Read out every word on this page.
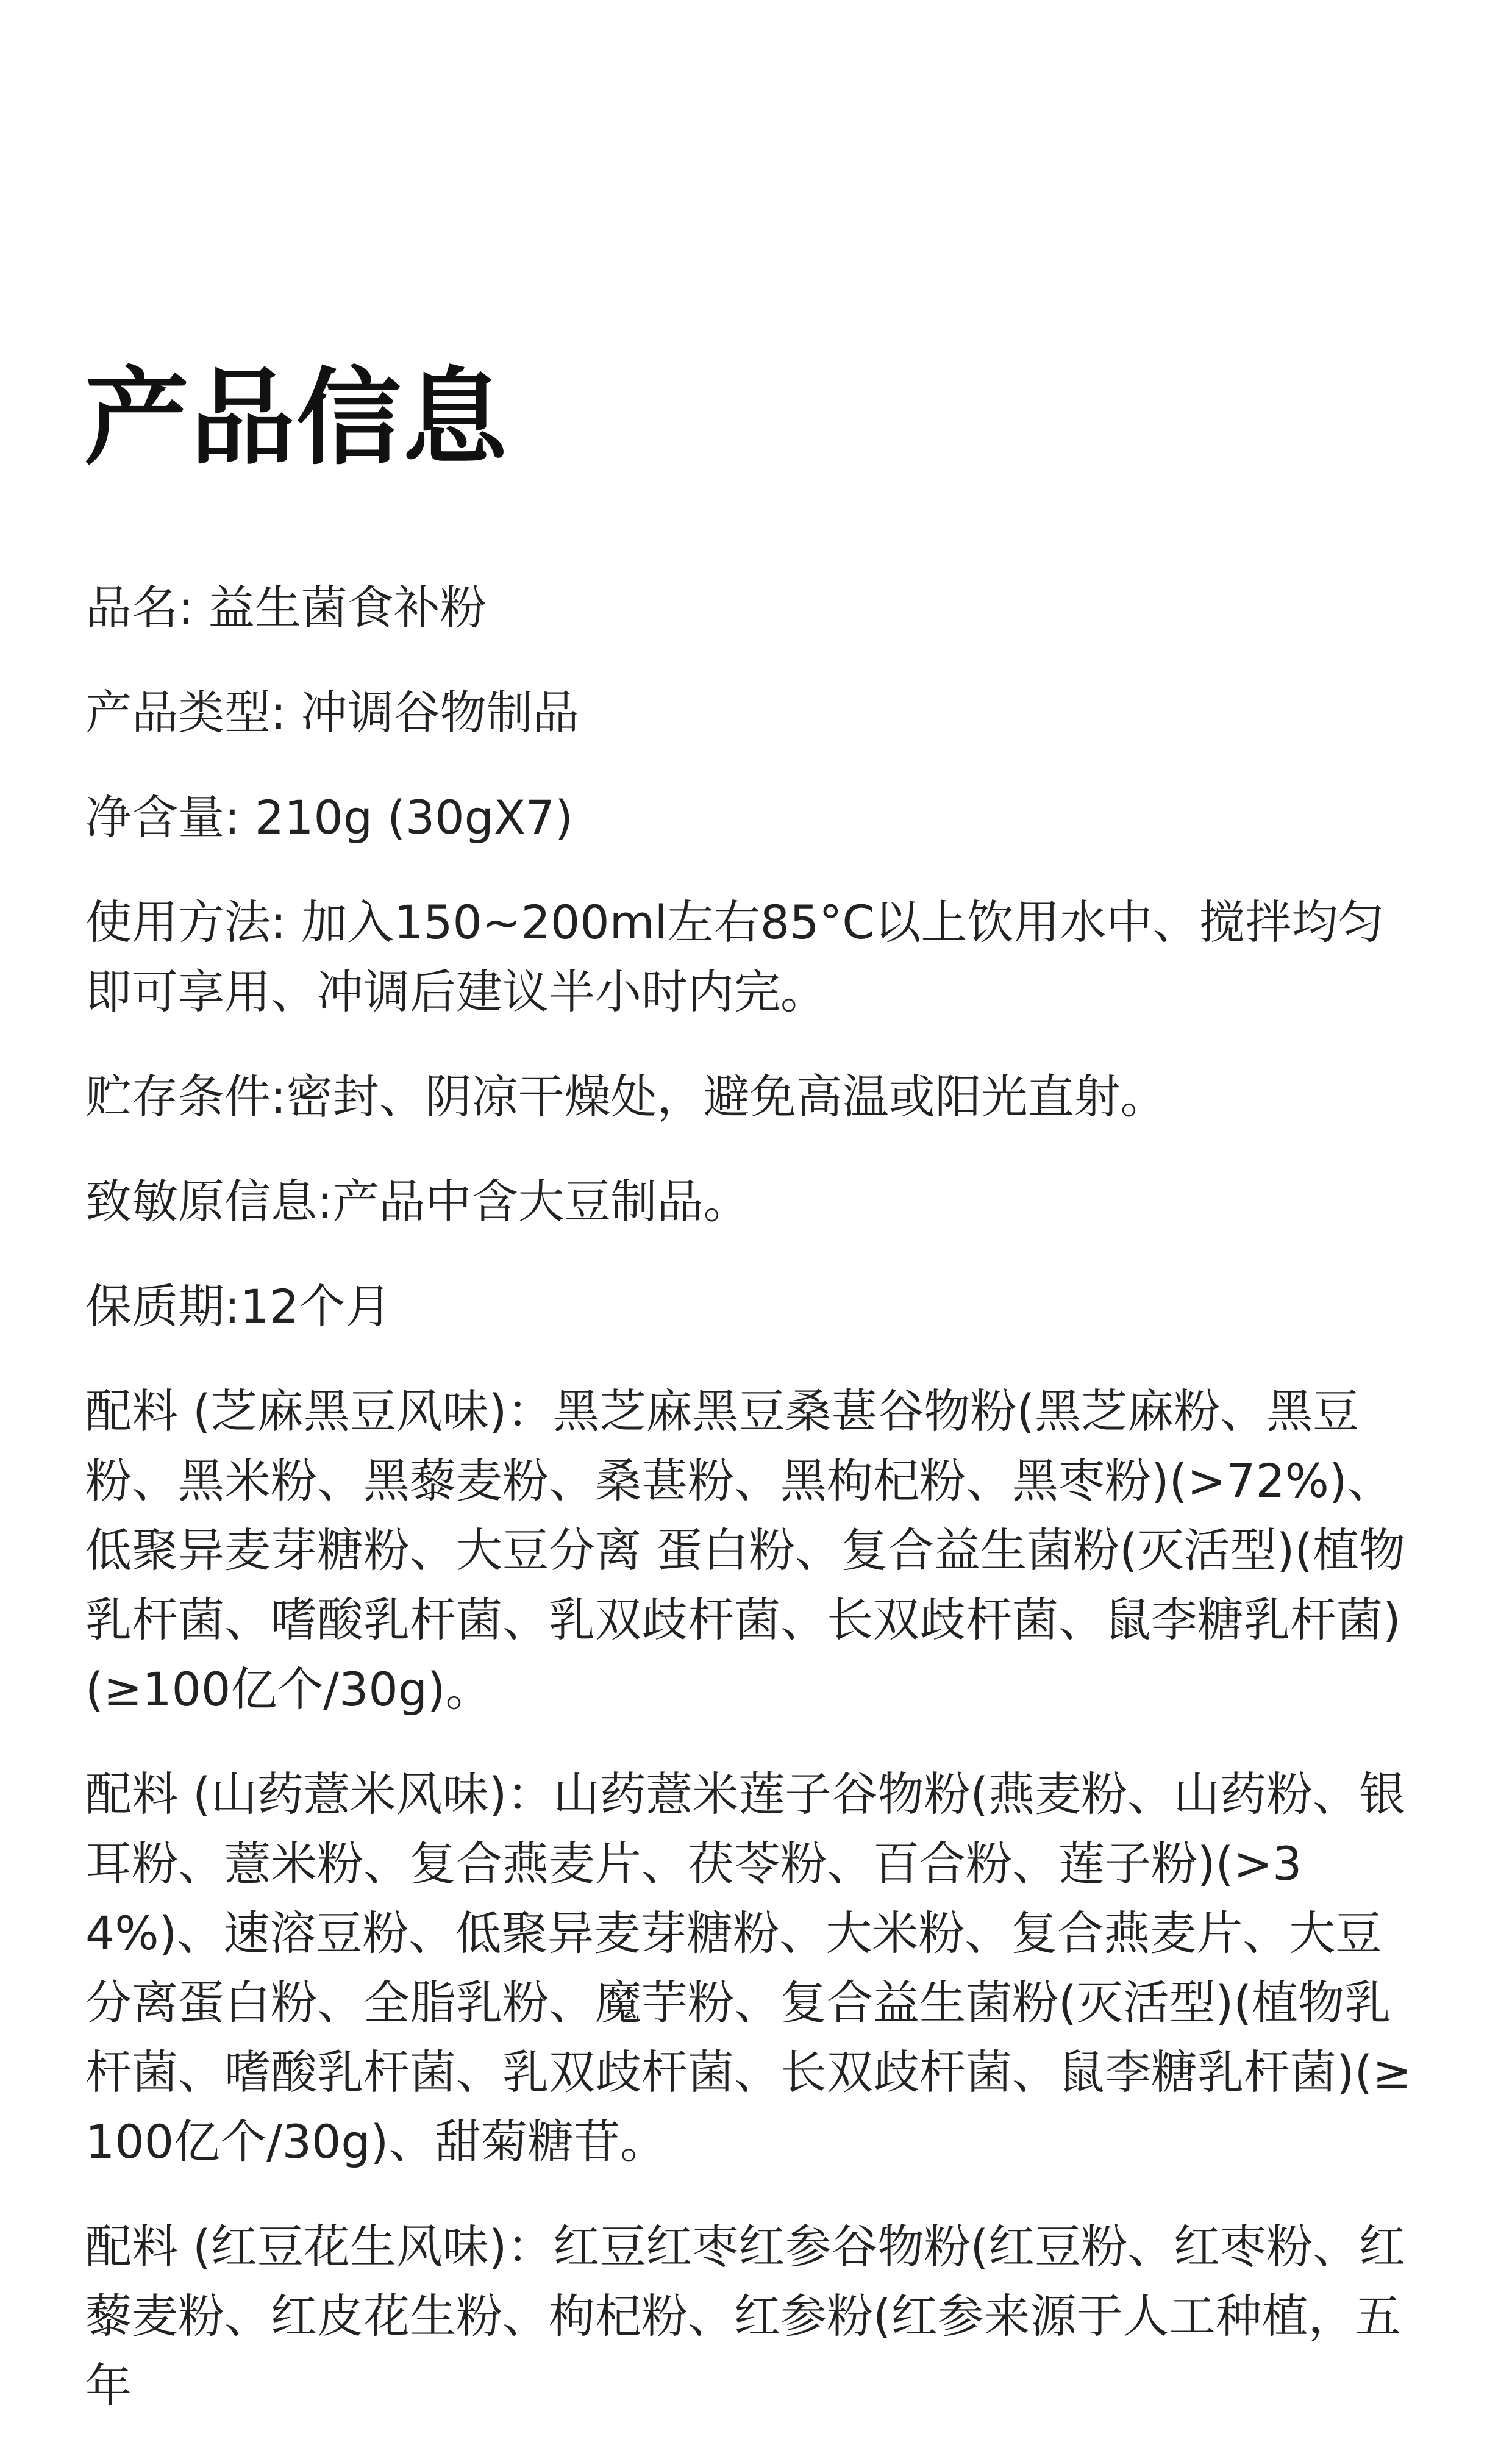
产品信息
品名: 益生菌食补粉
产品类型: 冲调谷物制品
净含量: 210g (30gX7)
使用方法: 加入150~200ml左右85°C以上饮用水中、搅拌均匀即可享用、冲调后建议半小时内完。
贮存条件:密封、阴凉干燥处，避免高温或阳光直射。
致敏原信息:产品中含大豆制品。
保质期:12个月
配料 (芝麻黑豆风味)：黑芝麻黑豆桑葚谷物粉(黑芝麻粉、黑豆粉、黑米粉、黑藜麦粉、桑葚粉、黑枸杞粉、黑枣粉)(>72%)、低聚异麦芽糖粉、大豆分离 蛋白粉、复合益生菌粉(灭活型)(植物乳杆菌、嗜酸乳杆菌、乳双歧杆菌、长双歧杆菌、鼠李糖乳杆菌)(≥100亿个/30g)。
配料 (山药薏米风味)：山药薏米莲子谷物粉(燕麦粉、山药粉、银耳粉、薏米粉、复合燕麦片、茯苓粉、百合粉、莲子粉)(>34%)、速溶豆粉、低聚异麦芽糖粉、大米粉、复合燕麦片、大豆分离蛋白粉、全脂乳粉、魔芋粉、复合益生菌粉(灭活型)(植物乳杆菌、嗜酸乳杆菌、乳双歧杆菌、长双歧杆菌、鼠李糖乳杆菌)(≥100亿个/30g)、甜菊糖苷。
配料 (红豆花生风味)：红豆红枣红参谷物粉(红豆粉、红枣粉、红藜麦粉、红皮花生粉、枸杞粉、红参粉(红参来源于人工种植，五年
